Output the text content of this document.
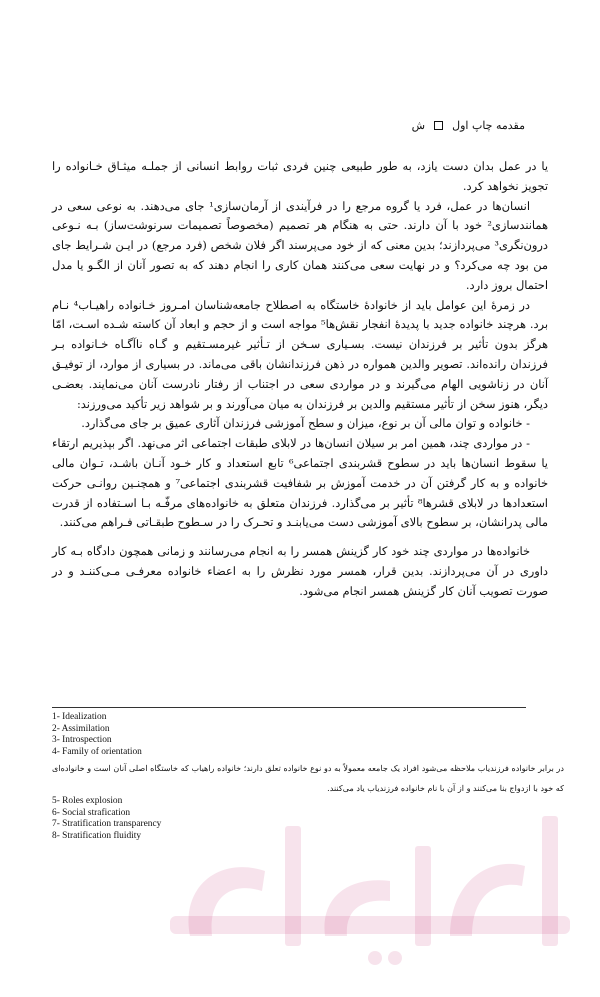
مقدمه چاپ اول
ش

یا در عمل بدان دست یازد، به طور طبیعی چنین فردی ثبات روابط انسانی از جملـه میثـاق خـانواده را تجویز نخواهد کرد.

انسان‌ها در عمل، فرد یا گروه مرجع را در فرآیندی از آرمان‌سازی¹ جای می‌دهند. به نوعی سعی در همانندسازی² خود با آن دارند. حتی به هنگام هر تصمیم (مخصوصاً تصمیمات سرنوشت‌ساز) بـه نـوعی درون‌نگری³ می‌پردازند؛ بدین معنی که از خود می‌پرسند اگر فلان شخص (فرد مرجع) در ایـن شـرایط جای من بود چه می‌کرد؟ و در نهایت سعی می‌کنند همان کاری را انجام دهند که به تصور آنان از الگـو یا مدل احتمال بروز دارد.

در زمرهٔ این عوامل باید از خانوادهٔ خاستگاه به اصطلاح جامعه‌شناسان امـروز خـانواده راهیـاب⁴ نـام برد. هرچند خانواده جدید با پدیدهٔ انفجار نقش‌ها⁵ مواجه است و از حجم و ابعاد آن کاسته شـده اسـت، امّا هرگز بدون تأثیر بر فرزندان نیست. بسـیاری سـخن از تـأثیر غیرمسـتقیم و گـاه ناآگـاه خـانواده بـر فرزندان رانده‌اند. تصویر والدین همواره در ذهن فرزندانشان باقی می‌ماند. در بسیاری از موارد، از توفیـق آنان در زناشویی الهام می‌گیرند و در مواردی سعی در اجتناب از رفتار نادرست آنان می‌نمایند. بعضـی دیگر، هنوز سخن از تأثیر مستقیم والدین بر فرزندان به میان می‌آورند و بر شواهد زیر تأکید می‌ورزند:

- خانواده و توان مالی آن بر نوع، میزان و سطح آموزشی فرزندان آثاری عمیق بر جای می‌گذارد.

- در مواردی چند، همین امر بر سیلان انسان‌ها در لابلای طبقات اجتماعی اثر می‌نهد. اگر بپذیریم ارتقاء یا سقوط انسان‌ها باید در سطوح قشربندی اجتماعی⁶ تابع استعداد و کار خـود آنـان باشـد، تـوان مالی خانواده و به کار گرفتن آن در خدمت آموزش بر شفافیت قشربندی اجتماعی⁷ و همچنـین روانـی حرکت استعدادها در لابلای قشرها⁸ تأثیر بر می‌گذارد. فرزندان متعلق به خانواده‌های مرفّـه بـا اسـتفاده از قدرت مالی پدرانشان، بر سطوح بالای آموزشی دست می‌یابنـد و تحـرک را در سـطوح طبقـاتی فـراهم می‌کنند.

خانواده‌ها در مواردی چند خود کار گزینش همسر را به انجام می‌رسانند و زمانی همچون دادگاه بـه کار داوری در آن می‌پردازند. بدین قرار، همسر مورد نظرش را به اعضاء خانواده معرفـی مـی‌کننـد و در صورت تصویب آنان کار گزینش همسر انجام می‌شود.

1- Idealization
2- Assimilation
3- Introspection
4- Family of orientation
در برابر خانواده فرزندیاب ملاحظه می‌شود افراد یک جامعه معمولاً به دو نوع خانواده تعلق دارند؛ خانواده راهیاب که خاستگاه اصلی آنان است و خانواده‌ای که خود با ازدواج بنا می‌کنند و از آن با نام خانواده فرزندیاب یاد می‌کنند.
5- Roles explosion
6- Social strafication
7- Stratification transparency
8- Stratification fluidity
